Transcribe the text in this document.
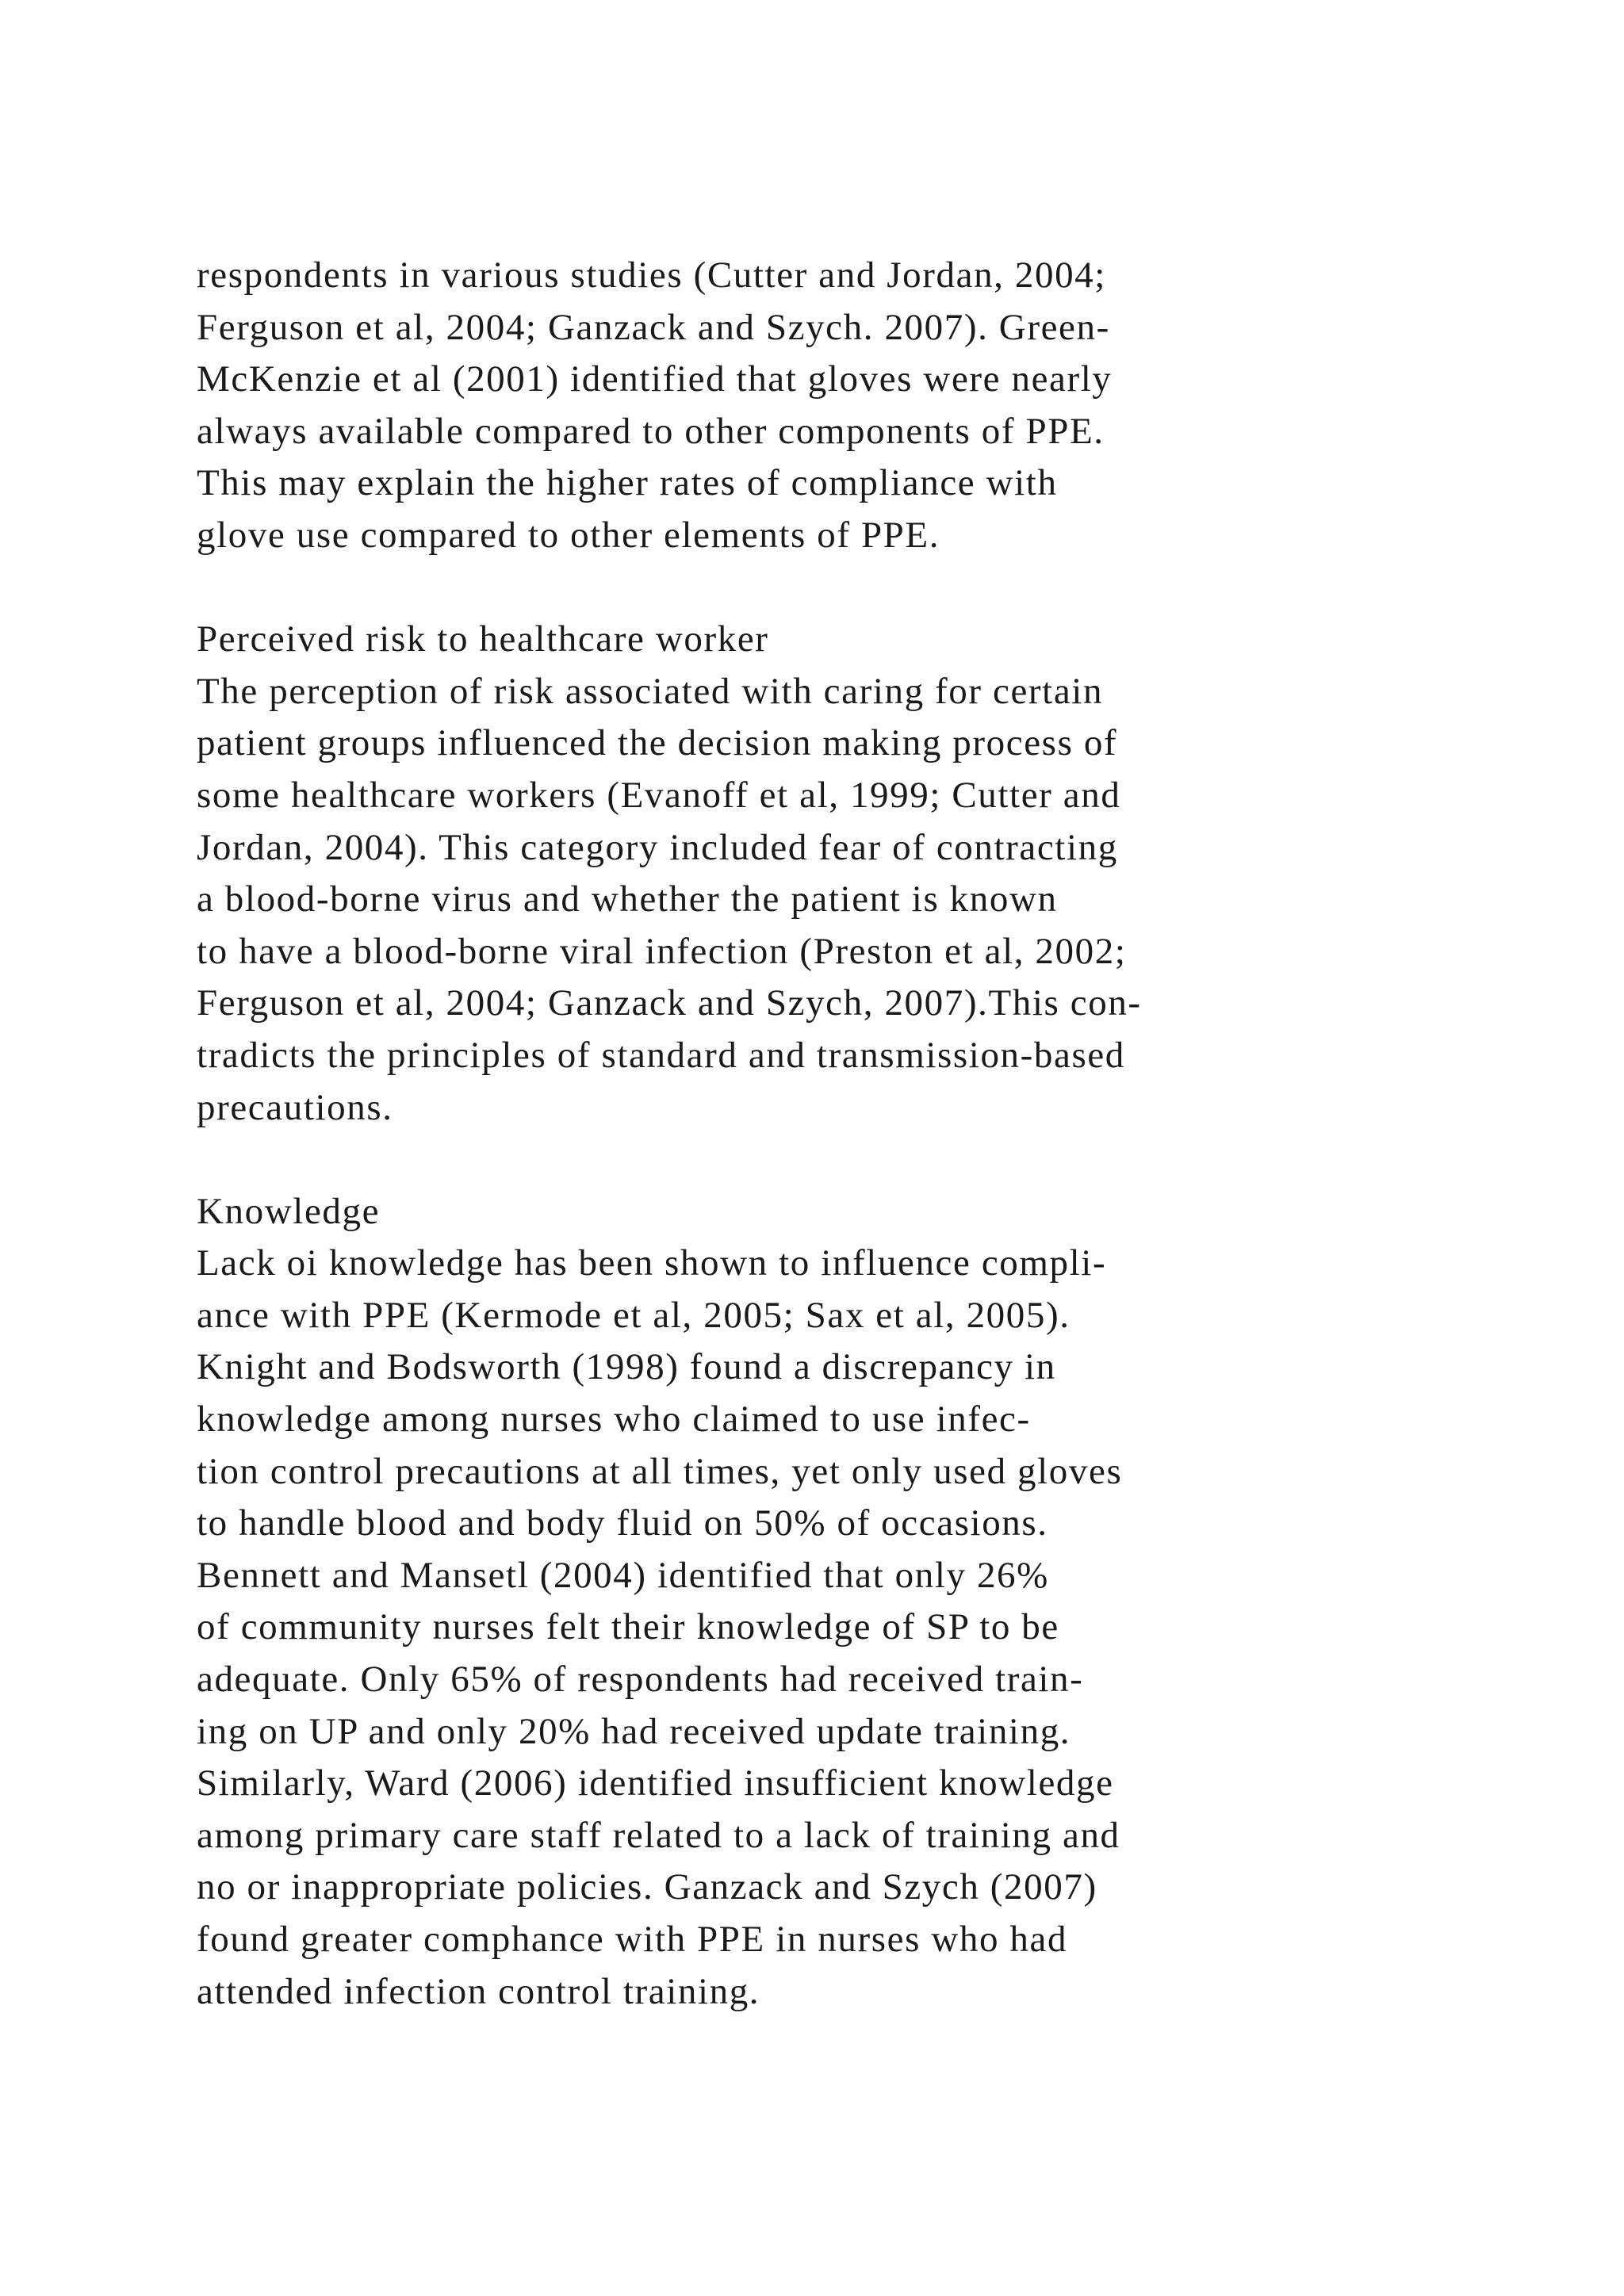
respondents in various studies (Cutter and Jordan, 2004;
Ferguson et al, 2004; Ganzack and Szych. 2007). Green-
McKenzie et al (2001) identified that gloves were nearly
always available compared to other components of PPE.
This may explain the higher rates of compliance with
glove use compared to other elements of PPE.
Perceived risk to healthcare worker
The perception of risk associated with caring for certain
patient groups influenced the decision making process of
some healthcare workers (Evanoff et al, 1999; Cutter and
Jordan, 2004). This category included fear of contracting
a blood-borne virus and whether the patient is known
to have a blood-borne viral infection (Preston et al, 2002;
Ferguson et al, 2004; Ganzack and Szych, 2007).This con-
tradicts the principles of standard and transmission-based
precautions.
Knowledge
Lack oi knowledge has been shown to influence compli-
ance with PPE (Kermode et al, 2005; Sax et al, 2005).
Knight and Bodsworth (1998) found a discrepancy in
knowledge among nurses who claimed to use infec-
tion control precautions at all times, yet only used gloves
to handle blood and body fluid on 50% of occasions.
Bennett and Mansetl (2004) identified that only 26%
of community nurses felt their knowledge of SP to be
adequate. Only 65% of respondents had received train-
ing on UP and only 20% had received update training.
Similarly, Ward (2006) identified insufficient knowledge
among primary care staff related to a lack of training and
no or inappropriate policies. Ganzack and Szych (2007)
found greater comphance with PPE in nurses who had
attended infection control training.
